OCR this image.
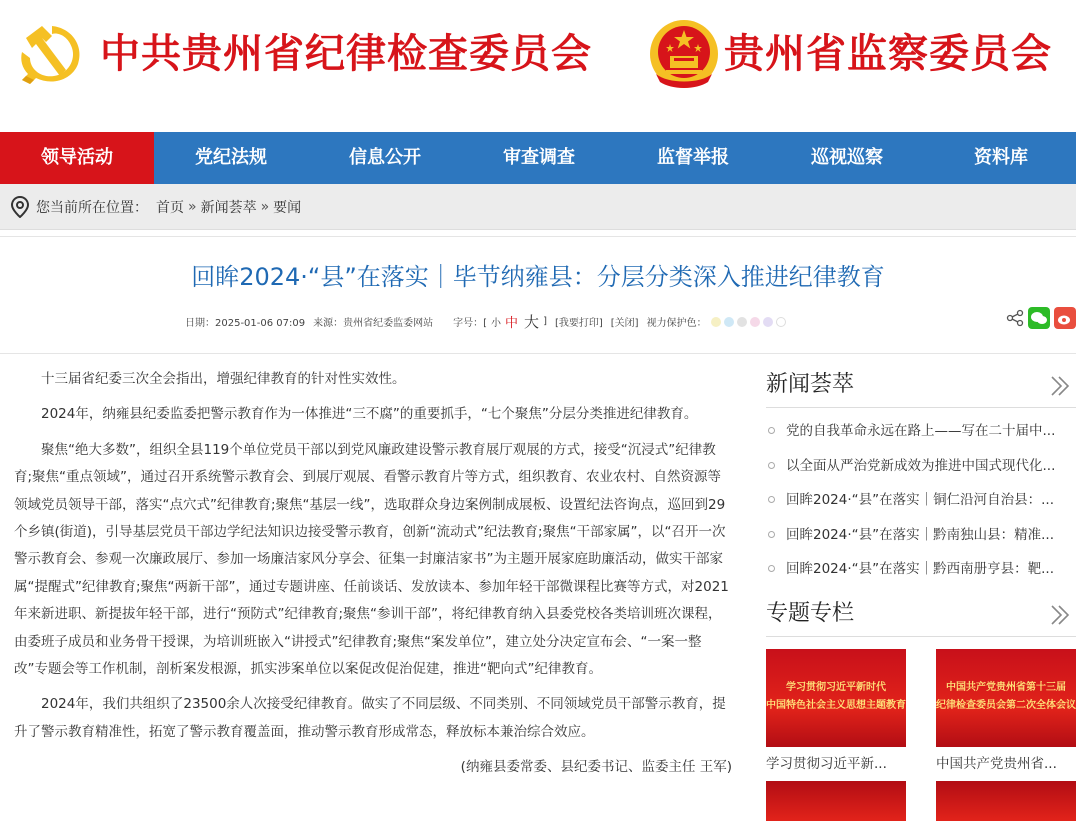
中共贵州省纪律检查委员会	贵州省监察委员会
领导活动	党纪法规	信息公开	审查调查	监督举报	巡视巡察	资料库
您当前所在位置： 首页 » 新闻荟萃 » 要闻
回眸2024·“县”在落实｜毕节纳雍县：分层分类深入推进纪律教育
日期：2025-01-06 07:09 来源：贵州省纪委监委网站 字号：[ 小 中 大 ] [我要打印] [关闭] 视力保护色：

十三届省纪委三次全会指出，增强纪律教育的针对性实效性。

2024年，纳雍县纪委监委把警示教育作为一体推进“三不腐”的重要抓手，“七个聚焦”分层分类推进纪律教育。

聚焦“绝大多数”，组织全县119个单位党员干部以到党风廉政建设警示教育展厅观展的方式，接受“沉浸式”纪律教育;聚焦“重点领域”，通过召开系统警示教育会、到展厅观展、看警示教育片等方式，组织教育、农业农村、自然资源等领域党员领导干部，落实“点穴式”纪律教育;聚焦“基层一线”，选取群众身边案例制成展板、设置纪法咨询点，巡回到29个乡镇(街道)，引导基层党员干部边学纪法知识边接受警示教育，创新“流动式”纪法教育;聚焦“干部家属”，以“召开一次警示教育会、参观一次廉政展厅、参加一场廉洁家风分享会、征集一封廉洁家书”为主题开展家庭助廉活动，做实干部家属“提醒式”纪律教育;聚焦“两新干部”，通过专题讲座、任前谈话、发放读本、参加年轻干部微课程比赛等方式，对2021年来新进职、新提拔年轻干部，进行“预防式”纪律教育;聚焦“参训干部”，将纪律教育纳入县委党校各类培训班次课程，由委班子成员和业务骨干授课，为培训班嵌入“讲授式”纪律教育;聚焦“案发单位”，建立处分决定宣布会、“一案一整改”专题会等工作机制，剖析案发根源，抓实涉案单位以案促改促治促建，推进“靶向式”纪律教育。

2024年，我们共组织了23500余人次接受纪律教育。做实了不同层级、不同类别、不同领域党员干部警示教育，提升了警示教育精准性，拓宽了警示教育覆盖面，推动警示教育形成常态，释放标本兼治综合效应。

(纳雍县委常委、县纪委书记、监委主任 王军)

新闻荟萃
党的自我革命永远在路上——写在二十届中...
以全面从严治党新成效为推进中国式现代化...
回眸2024·“县”在落实｜铜仁沿河自治县：...
回眸2024·“县”在落实｜黔南独山县：精准...
回眸2024·“县”在落实｜黔西南册亨县：靶...
专题专栏
学习贯彻习近平新时代
中国特色社会主义思想主题教育
学习贯彻习近平新...
中国共产党贵州省第十三届
纪律检查委员会第二次全体会议
中国共产党贵州省...
